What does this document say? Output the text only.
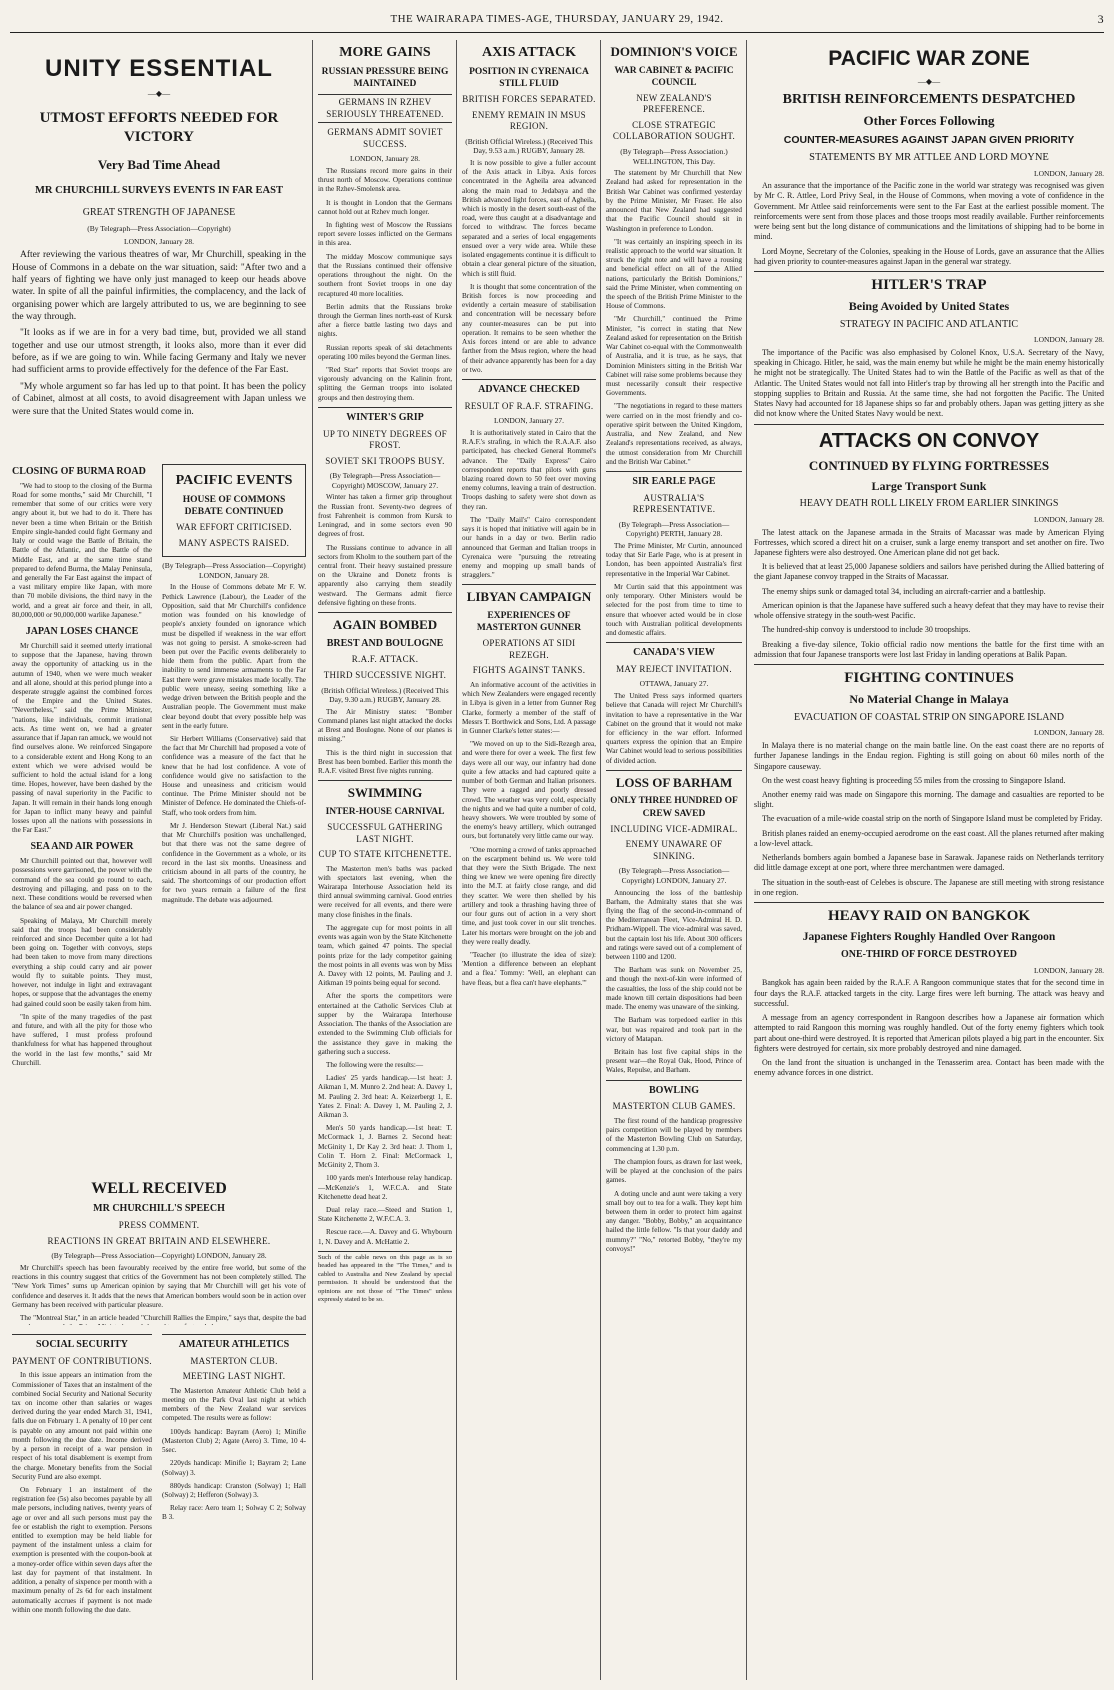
THE WAIRARAPA TIMES-AGE, THURSDAY, JANUARY 29, 1942.	3
UNITY ESSENTIAL
—◆—
UTMOST EFFORTS NEEDED FOR VICTORY
Very Bad Time Ahead
MR CHURCHILL SURVEYS EVENTS IN FAR EAST
GREAT STRENGTH OF JAPANESE
(By Telegraph—Press Association—Copyright)
LONDON, January 28.

After reviewing the various theatres of war, Mr Churchill, speaking in the House of Commons in a debate on the war situation, said: "After two and a half years of fighting we have only just managed to keep our heads above water. In spite of all the painful infirmities, the complacency, and the lack of organising power which are largely attributed to us, we are beginning to see the way through.

"It looks as if we are in for a very bad time, but, provided we all stand together and use our utmost strength, it looks also, more than it ever did before, as if we are going to win. While facing Germany and Italy we never had sufficient arms to provide effectively for the defence of the Far East.

"My whole argument so far has led up to that point. It has been the policy of Cabinet, almost at all costs, to avoid disagreement with Japan unless we were sure that the United States would come in.

CLOSING OF BURMA ROAD

"We had to stoop to the closing of the Burma Road for some months," said Mr Churchill, "I remember that some of our critics were very angry about it, but we had to do it. There has never been a time when Britain or the British Empire single-handed could fight Germany and Italy or could wage the Battle of Britain, the Battle of the Atlantic, and the Battle of the Middle East, and at the same time stand prepared to defend Burma, the Malay Peninsula, and generally the Far East against the impact of a vast military empire like Japan, with more than 70 mobile divisions, the third navy in the world, and a great air force and their, in all, 80,000,000 or 90,000,000 warlike Japanese."

JAPAN LOSES CHANCE

Mr Churchill said it seemed utterly irrational to suppose that the Japanese, having thrown away the opportunity of attacking us in the autumn of 1940, when we were much weaker and all alone, should at this period plunge into a desperate struggle against the combined forces of the Empire and the United States. "Nevertheless," said the Prime Minister, "nations, like individuals, commit irrational acts. As time went on, we had a greater assurance that if Japan ran amuck, we would not find ourselves alone. We reinforced Singapore to a considerable extent and Hong Kong to an extent which we were advised would be sufficient to hold the actual island for a long time. Hopes, however, have been dashed by the passing of naval superiority in the Pacific to Japan. It will remain in their hands long enough for Japan to inflict many heavy and painful losses upon all the nations with possessions in the Far East."

SEA AND AIR POWER

Mr Churchill pointed out that, however well possessions were garrisoned, the power with the command of the sea could go round to each, destroying and pillaging, and pass on to the next. These conditions would be reversed when the balance of sea and air power changed.

Speaking of Malaya, Mr Churchill merely said that the troops had been considerably reinforced and since December quite a lot had been going on. Together with convoys, steps had been taken to move from many directions everything a ship could carry and air power would fly to suitable points. They must, however, not indulge in light and extravagant hopes, or suppose that the advantages the enemy had gained could soon be easily taken from him.

"In spite of the many tragedies of the past and future, and with all the pity for those who have suffered, I must profess profound thankfulness for what has happened throughout the world in the last few months," said Mr Churchill.

PACIFIC EVENTS
HOUSE OF COMMONS DEBATE CONTINUED
WAR EFFORT CRITICISED.
MANY ASPECTS RAISED.
(By Telegraph—Press Association—Copyright) LONDON, January 28.

In the House of Commons debate Mr F. W. Pethick Lawrence (Labour), the Leader of the Opposition, said that Mr Churchill's confidence motion was founded on his knowledge of people's anxiety founded on ignorance which must be dispelled if weakness in the war effort was not going to persist. A smoke-screen had been put over the Pacific events deliberately to hide them from the public. Apart from the inability to send immense armaments to the Far East there were grave mistakes made locally. The public were uneasy, seeing something like a wedge driven between the British people and the Australian people. The Government must make clear beyond doubt that every possible help was sent in the early future.

Sir Herbert Williams (Conservative) said that the fact that Mr Churchill had proposed a vote of confidence was a measure of the fact that he knew that he had lost confidence. A vote of confidence would give no satisfaction to the House and uneasiness and criticism would continue. The Prime Minister should not be Minister of Defence. He dominated the Chiefs-of-Staff, who took orders from him.

Mr J. Henderson Stewart (Liberal Nat.) said that Mr Churchill's position was unchallenged, but that there was not the same degree of confidence in the Government as a whole, or its record in the last six months. Uneasiness and criticism abound in all parts of the country, he said. The shortcomings of our production effort for two years remain a failure of the first magnitude. The debate was adjourned.

WELL RECEIVED
MR CHURCHILL'S SPEECH
PRESS COMMENT.
REACTIONS IN GREAT BRITAIN AND ELSEWHERE.
(By Telegraph—Press Association—Copyright) LONDON, January 28.

Mr Churchill's speech has been favourably received by the entire free world, but some of the reactions in this country suggest that critics of the Government has not been completely stilled. The "New York Times" sums up American opinion by saying that Mr Churchill will get his vote of confidence and deserves it. It adds that the news that American bombers would soon be in action over Germany has been received with particular pleasure.

The "Montreal Star," in an article headed "Churchill Rallies the Empire," says that, despite the bad

SOCIAL SECURITY
PAYMENT OF CONTRIBUTIONS.

In this issue appears an intimation from the Commissioner of Taxes that an instalment of the combined Social Security and National Security tax on income other than salaries or wages derived during the year ended March 31, 1941, falls due on February 1. A penalty of 10 per cent is payable on any amount not paid within one month following the due date. Income derived by a person in receipt of a war pension in respect of his total disablement is exempt from the charge. Monetary benefits from the Social Security Fund are also exempt.

On February 1 an instalment of the registration fee (5s) also becomes payable by all male persons, including natives, twenty years of age or over and all such persons must pay the fee or establish the right to exemption. Persons entitled to exemption may be held liable for payment of the instalment unless a claim for exemption is presented with the coupon-book at a money-order office within seven days after the last day for payment of that instalment. In addition, a penalty of sixpence per month with a maximum penalty of 2s 6d for each instalment automatically accrues if payment is not made within one month following the due date.

AMATEUR ATHLETICS
MASTERTON CLUB.
MEETING LAST NIGHT.

The Masterton Amateur Athletic Club held a meeting on the Park Oval last night at which members of the New Zealand war services competed. The results were as follow:

100yds handicap: Bayram (Aero) 1; Minifie (Masterton Club) 2; Agate (Aero) 3. Time, 10 4-5sec.

220yds handicap: Minifie 1; Bayram 2; Lane (Solway) 3.

880yds handicap: Cranston (Solway) 1; Hall (Solway) 2; Hefferon (Solway) 3.

Relay race: Aero team 1; Solway C 2; Solway B 3.

MORE GAINS
RUSSIAN PRESSURE BEING MAINTAINED
GERMANS IN RZHEV SERIOUSLY THREATENED.
GERMANS ADMIT SOVIET SUCCESS.
LONDON, January 28.

The Russians record more gains in their thrust north of Moscow. Operations continue in the Rzhev-Smolensk area.

It is thought in London that the Germans cannot hold out at Rzhev much longer.

In fighting west of Moscow the Russians report severe losses inflicted on the Germans in this area.

The midday Moscow communique says that the Russians continued their offensive operations throughout the night. On the southern front Soviet troops in one day recaptured 40 more localities.

Berlin admits that the Russians broke through the German lines north-east of Kursk after a fierce battle lasting two days and nights.

Russian reports speak of ski detachments operating 100 miles beyond the German lines.

"Red Star" reports that Soviet troops are vigorously advancing on the Kalinin front, splitting the German troops into isolated groups and then destroying them.

WINTER'S GRIP
UP TO NINETY DEGREES OF FROST.
SOVIET SKI TROOPS BUSY.
(By Telegraph—Press Association—Copyright) MOSCOW, January 27.

Winter has taken a firmer grip throughout the Russian front. Seventy-two degrees of frost Fahrenheit is common from Kursk to Leningrad, and in some sectors even 90 degrees of frost.

The Russians continue to advance in all sectors from Kholm to the southern part of the central front. Their heavy sustained pressure on the Ukraine and Donetz fronts is apparently also carrying them steadily westward. The Germans admit fierce defensive fighting on these fronts.

AGAIN BOMBED
BREST AND BOULOGNE
R.A.F. ATTACK.
THIRD SUCCESSIVE NIGHT.
(British Official Wireless.) (Received This Day, 9.30 a.m.) RUGBY, January 28.

The Air Ministry states: "Bomber Command planes last night attacked the docks at Brest and Boulogne. None of our planes is missing."

This is the third night in succession that Brest has been bombed. Earlier this month the R.A.F. visited Brest five nights running.

SWIMMING
INTER-HOUSE CARNIVAL
SUCCESSFUL GATHERING LAST NIGHT.
CUP TO STATE KITCHENETTE.

The Masterton men's baths was packed with spectators last evening, when the Wairarapa Interhouse Association held its third annual swimming carnival. Good entries were received for all events, and there were many close finishes in the finals.

The aggregate cup for most points in all events was again won by the State Kitchenette team, which gained 47 points. The special points prize for the lady competitor gaining the most points in all events was won by Miss A. Davey with 12 points, M. Pauling and J. Aitkman 19 points being equal for second.

After the sports the competitors were entertained at the Catholic Services Club at supper by the Wairarapa Interhouse Association. The thanks of the Association are extended to the Swimming Club officials for the assistance they gave in making the gathering such a success.

The following were the results:—

Ladies' 25 yards handicap.—1st heat: J. Aikman 1, M. Munro 2. 2nd heat: A. Davey 1, M. Pauling 2. 3rd heat: A. Keizerbergt 1, E. Yates 2. Final: A. Davey 1, M. Pauling 2, J. Aikman 3.

Men's 50 yards handicap.—1st heat: T. McCormack 1, J. Barnes 2. Second heat: McGinity 1, Dr Kay 2. 3rd heat: J. Thom 1, Colin T. Horn 2. Final: McCormack 1, McGinity 2, Thom 3.

100 yards men's Interhouse relay handicap.—McKenzie's 1, W.F.C.A. and State Kitchenette dead heat 2.

Dual relay race.—Steed and Station 1, State Kitchenette 2, W.F.C.A. 3.

Rescue race.—A. Davey and G. Whybourn 1, N. Davey and A. McHattie 2.

Such of the cable news on this page as is so headed has appeared in the "The Times," and is cabled to Australia and New Zealand by special permission. It should be understood that the opinions are not those of "The Times" unless expressly stated to be so.
AXIS ATTACK
POSITION IN CYRENAICA STILL FLUID
BRITISH FORCES SEPARATED.
ENEMY REMAIN IN MSUS REGION.
(British Official Wireless.) (Received This Day, 9.53 a.m.) RUGBY, January 28.

It is now possible to give a fuller account of the Axis attack in Libya. Axis forces concentrated in the Agheila area advanced along the main road to Jedabaya and the British advanced light forces, east of Agheila, which is mostly in the desert south-east of the road, were thus caught at a disadvantage and forced to withdraw. The forces became separated and a series of local engagements ensued over a very wide area. While these isolated engagements continue it is difficult to obtain a clear general picture of the situation, which is still fluid.

It is thought that some concentration of the British forces is now proceeding and evidently a certain measure of stabilisation and concentration will be necessary before any counter-measures can be put into operation. It remains to be seen whether the Axis forces intend or are able to advance farther from the Msus region, where the head of their advance apparently has been for a day or two.

ADVANCE CHECKED
RESULT OF R.A.F. STRAFING.
LONDON, January 27.

It is authoritatively stated in Cairo that the R.A.F.'s strafing, in which the R.A.A.F. also participated, has checked General Rommel's advance. The "Daily Express" Cairo correspondent reports that pilots with guns blazing roared down to 50 feet over moving enemy columns, leaving a train of destruction. Troops dashing to safety were shot down as they ran.

The "Daily Mail's" Cairo correspondent says it is hoped that initiative will again be in our hands in a day or two. Berlin radio announced that German and Italian troops in Cyrenaica were "pursuing the retreating enemy and mopping up small bands of stragglers."

LIBYAN CAMPAIGN
EXPERIENCES OF MASTERTON GUNNER
OPERATIONS AT SIDI REZEGH.
FIGHTS AGAINST TANKS.

An informative account of the activities in which New Zealanders were engaged recently in Libya is given in a letter from Gunner Reg Clarke, formerly a member of the staff of Messrs T. Borthwick and Sons, Ltd. A passage in Gunner Clarke's letter states:—

"We moved on up to the Sidi-Rezegh area, and were there for over a week. The first few days were all our way, our infantry had done quite a few attacks and had captured quite a number of both German and Italian prisoners. They were a ragged and poorly dressed crowd. The weather was very cold, especially the nights and we had quite a number of cold, heavy showers. We were troubled by some of the enemy's heavy artillery, which outranged ours, but fortunately very little came our way.

"One morning a crowd of tanks approached on the escarpment behind us. We were told that they were the Sixth Brigade. The next thing we knew we were opening fire directly into the M.T. at fairly close range, and did they scatter. We were then shelled by his artillery and took a thrashing having three of our four guns out of action in a very short time, and just took cover in our slit trenches. Later his mortars were brought on the job and they were really deadly.

"Teacher (to illustrate the idea of size): 'Mention a difference between an elephant and a flea.' Tommy: 'Well, an elephant can have fleas, but a flea can't have elephants.'"

DOMINION'S VOICE
WAR CABINET & PACIFIC COUNCIL
NEW ZEALAND'S PREFERENCE.
CLOSE STRATEGIC COLLABORATION SOUGHT.
(By Telegraph—Press Association.) WELLINGTON, This Day.

The statement by Mr Churchill that New Zealand had asked for representation in the British War Cabinet was confirmed yesterday by the Prime Minister, Mr Fraser. He also announced that New Zealand had suggested that the Pacific Council should sit in Washington in preference to London.

"It was certainly an inspiring speech in its realistic approach to the world war situation. It struck the right note and will have a rousing and beneficial effect on all of the Allied nations, particularly the British Dominions," said the Prime Minister, when commenting on the speech of the British Prime Minister to the House of Commons.

"Mr Churchill," continued the Prime Minister, "is correct in stating that New Zealand asked for representation on the British War Cabinet co-equal with the Commonwealth of Australia, and it is true, as he says, that Dominion Ministers sitting in the British War Cabinet will raise some problems because they must necessarily consult their respective Governments.

"The negotiations in regard to these matters were carried on in the most friendly and co-operative spirit between the United Kingdom, Australia, and New Zealand, and New Zealand's representations received, as always, the utmost consideration from Mr Churchill and the British War Cabinet."

SIR EARLE PAGE
AUSTRALIA'S REPRESENTATIVE.
(By Telegraph—Press Association—Copyright) PERTH, January 28.

The Prime Minister, Mr Curtin, announced today that Sir Earle Page, who is at present in London, has been appointed Australia's first representative in the Imperial War Cabinet.

Mr Curtin said that this appointment was only temporary. Other Ministers would be selected for the post from time to time to ensure that whoever acted would be in close touch with Australian political developments and domestic affairs.

CANADA'S VIEW
MAY REJECT INVITATION.
OTTAWA, January 27.

The United Press says informed quarters believe that Canada will reject Mr Churchill's invitation to have a representative in the War Cabinet on the ground that it would not make for efficiency in the war effort. Informed quarters express the opinion that an Empire War Cabinet would lead to serious possibilities of divided action.

LOSS OF BARHAM
ONLY THREE HUNDRED OF CREW SAVED
INCLUDING VICE-ADMIRAL.
ENEMY UNAWARE OF SINKING.
(By Telegraph—Press Association—Copyright) LONDON, January 27.

Announcing the loss of the battleship Barham, the Admiralty states that she was flying the flag of the second-in-command of the Mediterranean Fleet, Vice-Admiral H. D. Pridham-Wippell. The vice-admiral was saved, but the captain lost his life. About 300 officers and ratings were saved out of a complement of between 1100 and 1200.

The Barham was sunk on November 25, and though the next-of-kin were informed of the casualties, the loss of the ship could not be made known till certain dispositions had been made. The enemy was unaware of the sinking.

The Barham was torpedoed earlier in this war, but was repaired and took part in the victory of Matapan.

Britain has lost five capital ships in the present war—the Royal Oak, Hood, Prince of Wales, Repulse, and Barham.

BOWLING
MASTERTON CLUB GAMES.

The first round of the handicap progressive pairs competition will be played by members of the Masterton Bowling Club on Saturday, commencing at 1.30 p.m.

The champion fours, as drawn for last week, will be played at the conclusion of the pairs games.

A doting uncle and aunt were taking a very small boy out to tea for a walk. They kept him between them in order to protect him against any danger. "Bobby, Bobby," an acquaintance hailed the little fellow. "Is that your daddy and mummy?" "No," retorted Bobby, "they're my convoys!"

PACIFIC WAR ZONE
—◆—
BRITISH REINFORCEMENTS DESPATCHED
Other Forces Following
COUNTER-MEASURES AGAINST JAPAN GIVEN PRIORITY
STATEMENTS BY MR ATTLEE AND LORD MOYNE
LONDON, January 28.

An assurance that the importance of the Pacific zone in the world war strategy was recognised was given by Mr C. R. Attlee, Lord Privy Seal, in the House of Commons, when moving a vote of confidence in the Government. Mr Attlee said reinforcements were sent to the Far East at the earliest possible moment. The reinforcements were sent from those places and those troops most readily available. Further reinforcements were being sent but the long distance of communications and the limitations of shipping had to be borne in mind.

Lord Moyne, Secretary of the Colonies, speaking in the House of Lords, gave an assurance that the Allies had given priority to counter-measures against Japan in the general war strategy.

HITLER'S TRAP
Being Avoided by United States
STRATEGY IN PACIFIC AND ATLANTIC
LONDON, January 28.

The importance of the Pacific was also emphasised by Colonel Knox, U.S.A. Secretary of the Navy, speaking in Chicago. Hitler, he said, was the main enemy but while he might be the main enemy historically he might not be strategically. The United States had to win the Battle of the Pacific as well as that of the Atlantic. The United States would not fall into Hitler's trap by throwing all her strength into the Pacific and stopping supplies to Britain and Russia. At the same time, she had not forgotten the Pacific. The United States Navy had accounted for 18 Japanese ships so far and probably others. Japan was getting jittery as she did not know where the United States Navy would be next.

ATTACKS ON CONVOY
CONTINUED BY FLYING FORTRESSES
Large Transport Sunk
HEAVY DEATH ROLL LIKELY FROM EARLIER SINKINGS
LONDON, January 28.

The latest attack on the Japanese armada in the Straits of Macassar was made by American Flying Fortresses, which scored a direct hit on a cruiser, sunk a large enemy transport and set another on fire. Two Japanese fighters were also destroyed. One American plane did not get back.

It is believed that at least 25,000 Japanese soldiers and sailors have perished during the Allied battering of the giant Japanese convoy trapped in the Straits of Macassar.

The enemy ships sunk or damaged total 34, including an aircraft-carrier and a battleship.

American opinion is that the Japanese have suffered such a heavy defeat that they may have to revise their whole offensive strategy in the south-west Pacific.

The hundred-ship convoy is understood to include 30 troopships.

Breaking a five-day silence, Tokio official radio now mentions the battle for the first time with an admission that four Japanese transports were lost last Friday in landing operations at Balik Papan.

FIGHTING CONTINUES
No Material Change in Malaya
EVACUATION OF COASTAL STRIP ON SINGAPORE ISLAND
LONDON, January 28.

In Malaya there is no material change on the main battle line. On the east coast there are no reports of further Japanese landings in the Endau region. Fighting is still going on about 60 miles north of the Singapore causeway.

On the west coast heavy fighting is proceeding 55 miles from the crossing to Singapore Island.

Another enemy raid was made on Singapore this morning. The damage and casualties are reported to be slight.

The evacuation of a mile-wide coastal strip on the north of Singapore Island must be completed by Friday.

British planes raided an enemy-occupied aerodrome on the east coast. All the planes returned after making a low-level attack.

Netherlands bombers again bombed a Japanese base in Sarawak. Japanese raids on Netherlands territory did little damage except at one port, where three merchantmen were damaged.

The situation in the south-east of Celebes is obscure. The Japanese are still meeting with strong resistance in one region.

HEAVY RAID ON BANGKOK
Japanese Fighters Roughly Handled Over Rangoon
ONE-THIRD OF FORCE DESTROYED
LONDON, January 28.

Bangkok has again been raided by the R.A.F. A Rangoon communique states that for the second time in four days the R.A.F. attacked targets in the city. Large fires were left burning. The attack was heavy and successful.

A message from an agency correspondent in Rangoon describes how a Japanese air formation which attempted to raid Rangoon this morning was roughly handled. Out of the forty enemy fighters which took part about one-third were destroyed. It is reported that American pilots played a big part in the encounter. Six fighters were destroyed for certain, six more probably destroyed and nine damaged.

On the land front the situation is unchanged in the Tenasserim area. Contact has been made with the enemy advance forces in one district.
